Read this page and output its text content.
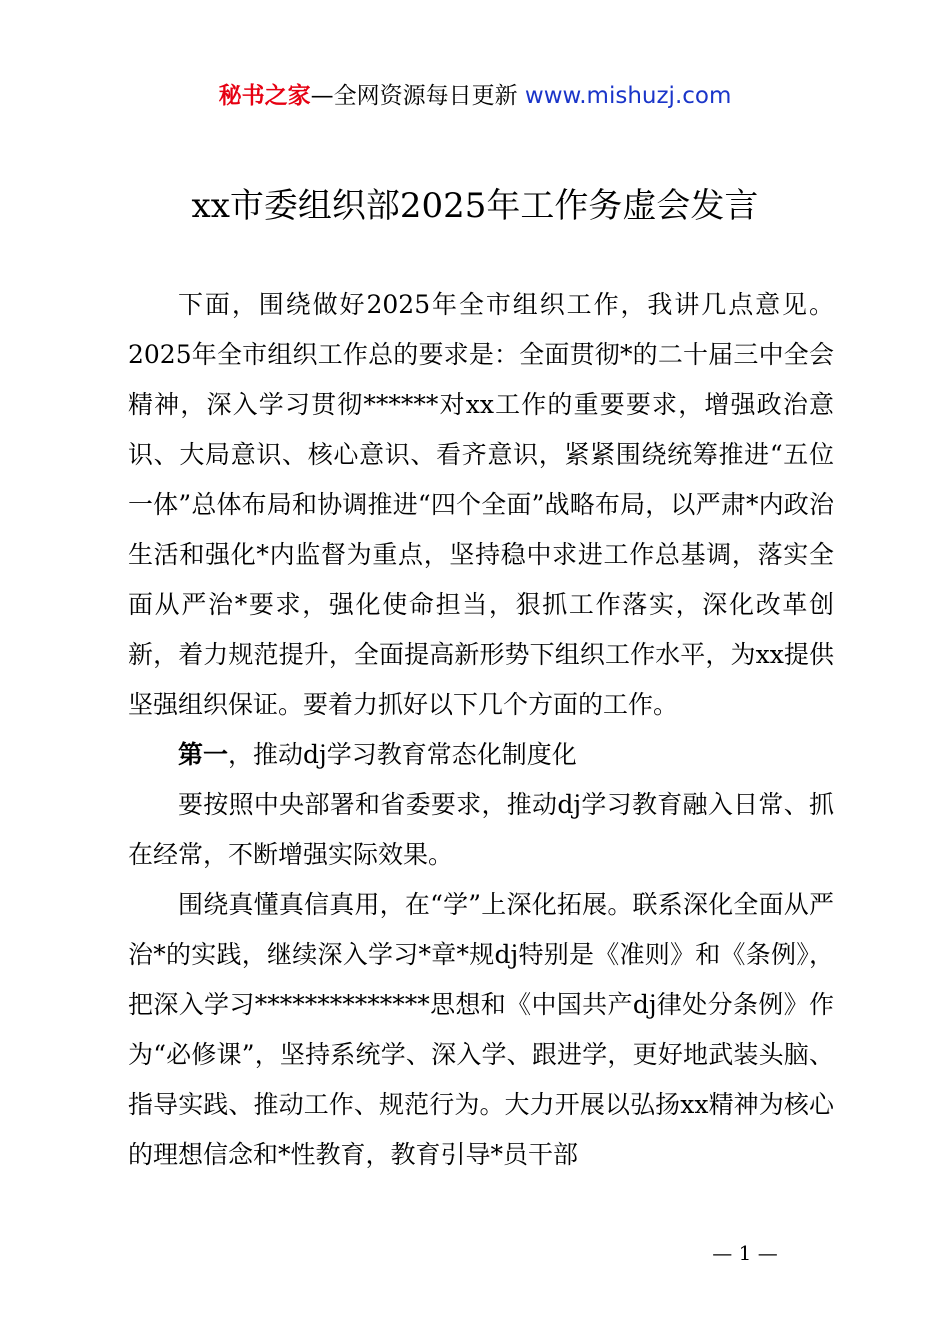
秘书之家—全网资源每日更新 www.mishuzj.com
xx市委组织部2025年工作务虚会发言

下面，围绕做好2025年全市组织工作，我讲几点意见。2025年全市组织工作总的要求是：全面贯彻*的二十届三中全会精神，深入学习贯彻******对xx工作的重要要求，增强政治意识、大局意识、核心意识、看齐意识，紧紧围绕统筹推进“五位一体”总体布局和协调推进“四个全面”战略布局，以严肃*内政治生活和强化*内监督为重点，坚持稳中求进工作总基调，落实全面从严治*要求，强化使命担当，狠抓工作落实，深化改革创新，着力规范提升，全面提高新形势下组织工作水平，为xx提供坚强组织保证。要着力抓好以下几个方面的工作。

第一，推动dj学习教育常态化制度化

要按照中央部署和省委要求，推动dj学习教育融入日常、抓在经常，不断增强实际效果。

围绕真懂真信真用，在“学”上深化拓展。联系深化全面从严治*的实践，继续深入学习*章*规dj特别是《准则》和《条例》，把深入学习**************思想和《中国共产dj律处分条例》作为“必修课”，坚持系统学、深入学、跟进学，更好地武装头脑、指导实践、推动工作、规范行为。大力开展以弘扬xx精神为核心的理想信念和*性教育，教育引导*员干部

— 1 —
